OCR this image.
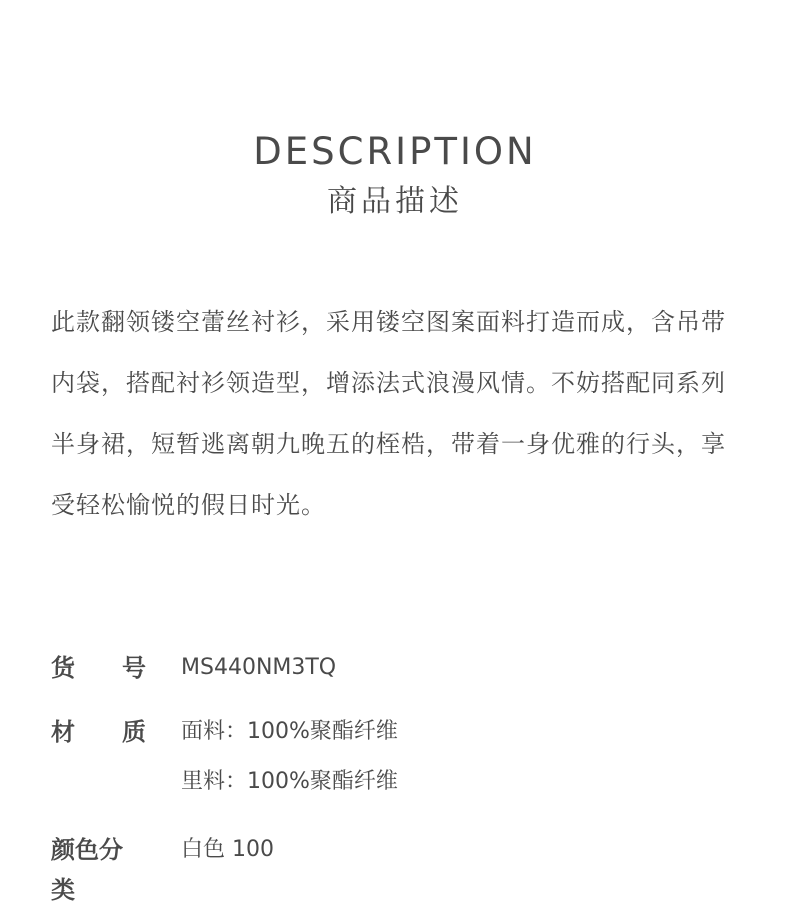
DESCRIPTION
商品描述

此款翻领镂空蕾丝衬衫，采用镂空图案面料打造而成，含吊带内袋，搭配衬衫领造型，增添法式浪漫风情。不妨搭配同系列半身裙，短暂逃离朝九晚五的桎梏，带着一身优雅的行头，享受轻松愉悦的假日时光。

货 号 MS440NM3TQ
材 质 面料：100%聚酯纤维
里料：100%聚酯纤维
颜色分类
白色 100
